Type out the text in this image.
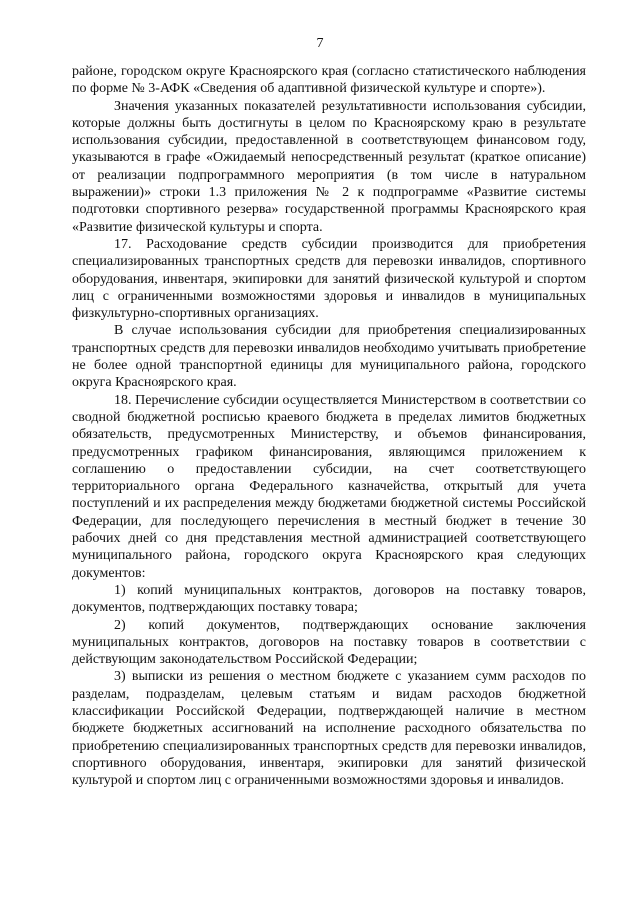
7

районе, городском округе Красноярского края (согласно статистического наблюдения по форме № 3-АФК «Сведения об адаптивной физической культуре и спорте»).

Значения указанных показателей результативности использования субсидии, которые должны быть достигнуты в целом по Красноярскому краю в результате использования субсидии, предоставленной в соответствующем финансовом году, указываются в графе «Ожидаемый непосредственный результат (краткое описание) от реализации подпрограммного мероприятия (в том числе в натуральном выражении)» строки 1.3 приложения № 2 к подпрограмме «Развитие системы подготовки спортивного резерва» государственной программы Красноярского края «Развитие физической культуры и спорта.

17. Расходование средств субсидии производится для приобретения специализированных транспортных средств для перевозки инвалидов, спортивного оборудования, инвентаря, экипировки для занятий физической культурой и спортом лиц с ограниченными возможностями здоровья и инвалидов в муниципальных физкультурно-спортивных организациях.

В случае использования субсидии для приобретения специализированных транспортных средств для перевозки инвалидов необходимо учитывать приобретение не более одной транспортной единицы для муниципального района, городского округа Красноярского края.

18. Перечисление субсидии осуществляется Министерством в соответствии со сводной бюджетной росписью краевого бюджета в пределах лимитов бюджетных обязательств, предусмотренных Министерству, и объемов финансирования, предусмотренных графиком финансирования, являющимся приложением к соглашению о предоставлении субсидии, на счет соответствующего территориального органа Федерального казначейства, открытый для учета поступлений и их распределения между бюджетами бюджетной системы Российской Федерации, для последующего перечисления в местный бюджет в течение 30 рабочих дней со дня представления местной администрацией соответствующего муниципального района, городского округа Красноярского края следующих документов:

1) копий муниципальных контрактов, договоров на поставку товаров, документов, подтверждающих поставку товара;

2) копий документов, подтверждающих основание заключения муниципальных контрактов, договоров на поставку товаров в соответствии с действующим законодательством Российской Федерации;

3) выписки из решения о местном бюджете с указанием сумм расходов по разделам, подразделам, целевым статьям и видам расходов бюджетной классификации Российской Федерации, подтверждающей наличие в местном бюджете бюджетных ассигнований на исполнение расходного обязательства по приобретению специализированных транспортных средств для перевозки инвалидов, спортивного оборудования, инвентаря, экипировки для занятий физической культурой и спортом лиц с ограниченными возможностями здоровья и инвалидов.
